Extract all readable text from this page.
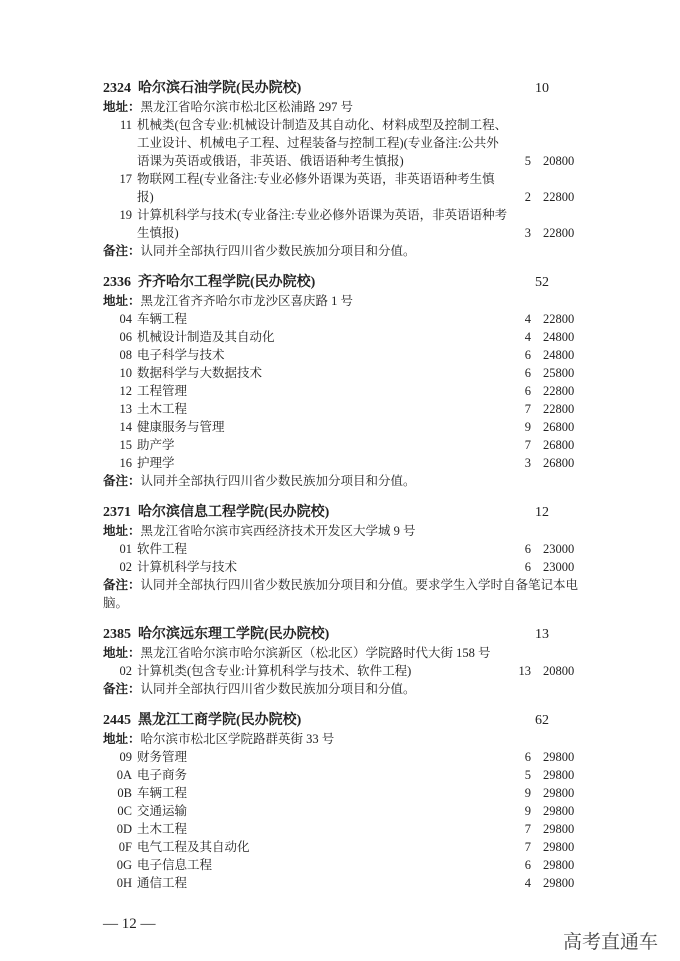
2324 哈尔滨石油学院(民办院校)	10
地址：黑龙江省哈尔滨市松北区松浦路 297 号
11 机械类(包含专业:机械设计制造及其自动化、材料成型及控制工程、工业设计、机械电子工程、过程装备与控制工程)(专业备注:公共外语课为英语或俄语，非英语、俄语语种考生慎报)	5 20800
17 物联网工程(专业备注:专业必修外语课为英语，非英语语种考生慎报)	2 22800
19 计算机科学与技术(专业备注:专业必修外语课为英语，非英语语种考生慎报)	3 22800
备注：认同并全部执行四川省少数民族加分项目和分值。
2336 齐齐哈尔工程学院(民办院校)	52
地址：黑龙江省齐齐哈尔市龙沙区喜庆路 1 号
04 车辆工程	4 22800
06 机械设计制造及其自动化	4 24800
08 电子科学与技术	6 24800
10 数据科学与大数据技术	6 25800
12 工程管理	6 22800
13 土木工程	7 22800
14 健康服务与管理	9 26800
15 助产学	7 26800
16 护理学	3 26800
备注：认同并全部执行四川省少数民族加分项目和分值。
2371 哈尔滨信息工程学院(民办院校)	12
地址：黑龙江省哈尔滨市宾西经济技术开发区大学城 9 号
01 软件工程	6 23000
02 计算机科学与技术	6 23000
备注：认同并全部执行四川省少数民族加分项目和分值。要求学生入学时自备笔记本电脑。
2385 哈尔滨远东理工学院(民办院校)	13
地址：黑龙江省哈尔滨市哈尔滨新区（松北区）学院路时代大街 158 号
02 计算机类(包含专业:计算机科学与技术、软件工程)	13 20800
备注：认同并全部执行四川省少数民族加分项目和分值。
2445 黑龙江工商学院(民办院校)	62
地址：哈尔滨市松北区学院路群英街 33 号
09 财务管理	6 29800
0A 电子商务	5 29800
0B 车辆工程	9 29800
0C 交通运输	9 29800
0D 土木工程	7 29800
0F 电气工程及其自动化	7 29800
0G 电子信息工程	6 29800
0H 通信工程	4 29800
— 12 —
高考直通车
